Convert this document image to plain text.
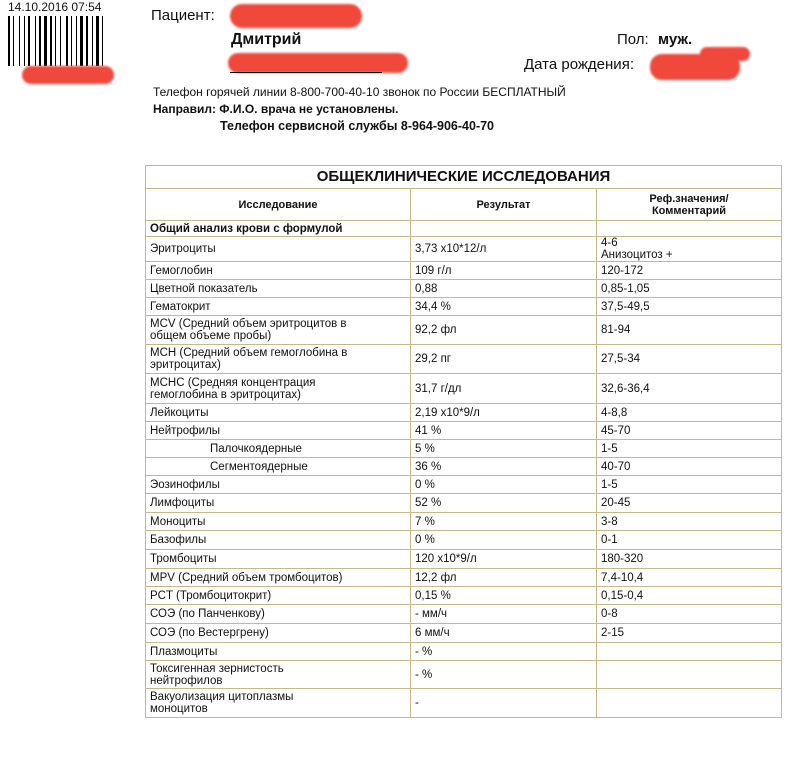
14.10.2016 07:54	Пациент:
Дмитрий	Пол: муж.
Дата рождения:
Телефон горячей линии 8-800-700-40-10 звонок по России БЕСПЛАТНЫЙ
Направил: Ф.И.О. врача не установлены.
Телефон сервисной службы 8-964-906-40-70
ОБЩЕКЛИНИЧЕСКИЕ ИССЛЕДОВАНИЯ		
Исследование	Результат	Реф.значения/
Комментарий

Общий анализ крови с формулой		

Эритроциты	3,73 x10*12/л	4-6
Анизоцитоз +

Гемоглобин	109 г/л	120-172

Цветной показатель	0,88	0,85-1,05

Гематокрит	34,4 %	37,5-49,5

MCV (Средний объем эритроцитов в
общем объеме пробы)	92,2 фл	81-94

MCH (Средний объем гемоглобина в
эритроцитах)	29,2 пг	27,5-34

MCHC (Средняя концентрация
гемоглобина в эритроцитах)	31,7 г/дл	32,6-36,4

Лейкоциты	2,19 x10*9/л	4-8,8

Нейтрофилы	41 %	45-70

Палочкоядерные	5 %	1-5

Сегментоядерные	36 %	40-70

Эозинофилы	0 %	1-5

Лимфоциты	52 %	20-45

Моноциты	7 %	3-8

Базофилы	0 %	0-1

Тромбоциты	120 x10*9/л	180-320

MPV (Средний объем тромбоцитов)	12,2 фл	7,4-10,4

PCT (Тромбоцитокрит)	0,15 %	0,15-0,4

СОЭ (по Панченкову)	- мм/ч	0-8

СОЭ (по Вестергрену)	6 мм/ч	2-15

Плазмоциты	- %	

Токсигенная зернистость
нейтрофилов	- %	

Вакуолизация цитоплазмы
моноцитов	-	
